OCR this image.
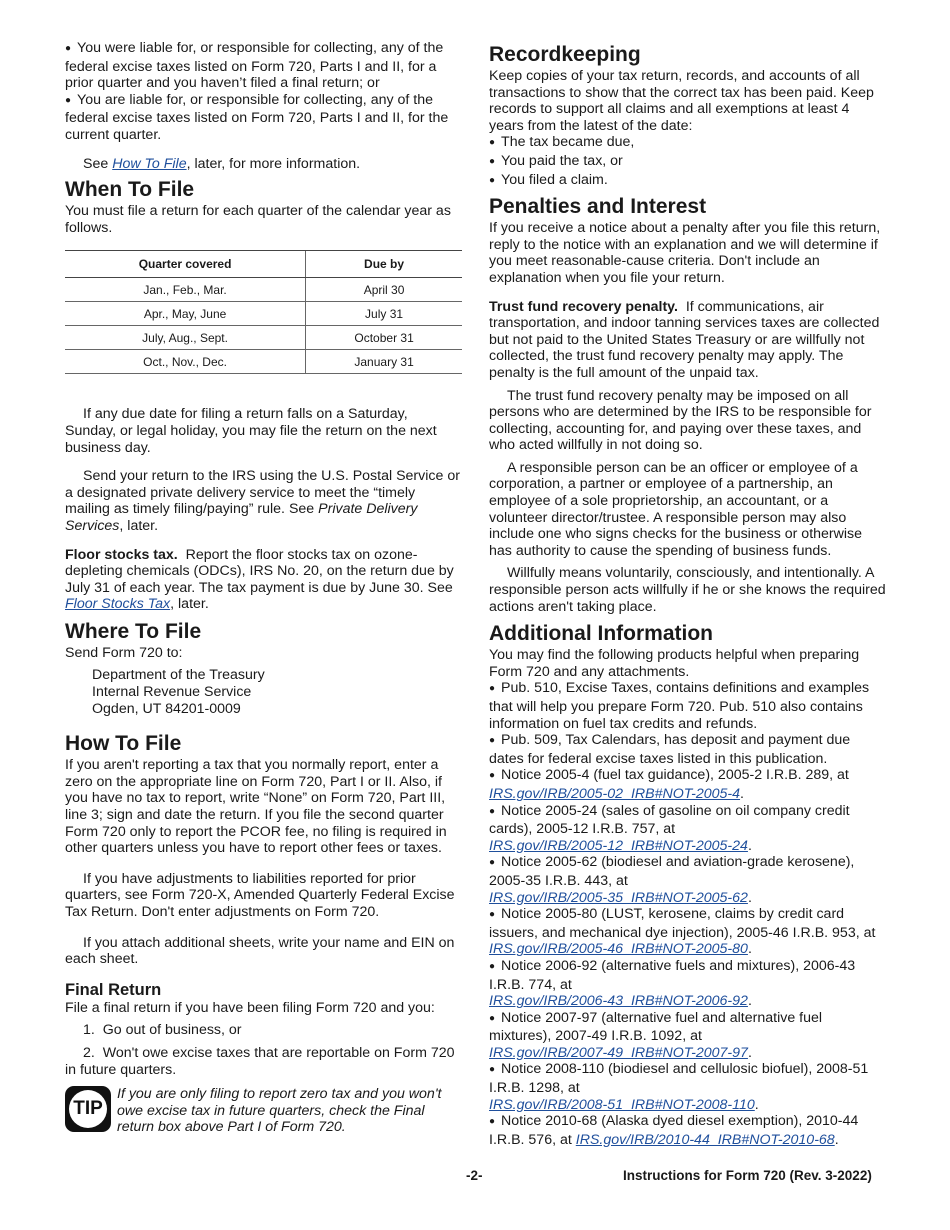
● You were liable for, or responsible for collecting, any of the federal excise taxes listed on Form 720, Parts I and II, for a prior quarter and you haven’t filed a final return; or

● You are liable for, or responsible for collecting, any of the federal excise taxes listed on Form 720, Parts I and II, for the current quarter.

See How To File, later, for more information.

When To File

You must file a return for each quarter of the calendar year as follows.

Quarter covered	Due by
Jan., Feb., Mar.	April 30
Apr., May, June	July 31
July, Aug., Sept.	October 31
Oct., Nov., Dec.	January 31

If any due date for filing a return falls on a Saturday, Sunday, or legal holiday, you may file the return on the next business day.

Send your return to the IRS using the U.S. Postal Service or a designated private delivery service to meet the “timely mailing as timely filing/paying” rule. See Private Delivery Services, later.

Floor stocks tax. Report the floor stocks tax on ozone-depleting chemicals (ODCs), IRS No. 20, on the return due by July 31 of each year. The tax payment is due by June 30. See Floor Stocks Tax, later.

Where To File

Send Form 720 to:

Department of the Treasury

Internal Revenue Service

Ogden, UT 84201-0009

How To File

If you aren't reporting a tax that you normally report, enter a zero on the appropriate line on Form 720, Part I or II. Also, if you have no tax to report, write “None” on Form 720, Part III, line 3; sign and date the return. If you file the second quarter Form 720 only to report the PCOR fee, no filing is required in other quarters unless you have to report other fees or taxes.

If you have adjustments to liabilities reported for prior quarters, see Form 720-X, Amended Quarterly Federal Excise Tax Return. Don't enter adjustments on Form 720.

If you attach additional sheets, write your name and EIN on each sheet.

Final Return

File a final return if you have been filing Form 720 and you:

1.  Go out of business, or

2.  Won't owe excise taxes that are reportable on Form 720 in future quarters.

TIP

If you are only filing to report zero tax and you won't owe excise tax in future quarters, check the Final return box above Part I of Form 720.

Recordkeeping

Keep copies of your tax return, records, and accounts of all transactions to show that the correct tax has been paid. Keep records to support all claims and all exemptions at least 4 years from the latest of the date:

● The tax became due,

● You paid the tax, or

● You filed a claim.

Penalties and Interest

If you receive a notice about a penalty after you file this return, reply to the notice with an explanation and we will determine if you meet reasonable-cause criteria. Don't include an explanation when you file your return.

Trust fund recovery penalty. If communications, air transportation, and indoor tanning services taxes are collected but not paid to the United States Treasury or are willfully not collected, the trust fund recovery penalty may apply. The penalty is the full amount of the unpaid tax.

The trust fund recovery penalty may be imposed on all persons who are determined by the IRS to be responsible for collecting, accounting for, and paying over these taxes, and who acted willfully in not doing so.

A responsible person can be an officer or employee of a corporation, a partner or employee of a partnership, an employee of a sole proprietorship, an accountant, or a volunteer director/trustee. A responsible person may also include one who signs checks for the business or otherwise has authority to cause the spending of business funds.

Willfully means voluntarily, consciously, and intentionally. A responsible person acts willfully if he or she knows the required actions aren't taking place.

Additional Information

You may find the following products helpful when preparing Form 720 and any attachments.

● Pub. 510, Excise Taxes, contains definitions and examples that will help you prepare Form 720. Pub. 510 also contains information on fuel tax credits and refunds.

● Pub. 509, Tax Calendars, has deposit and payment due dates for federal excise taxes listed in this publication.

● Notice 2005-4 (fuel tax guidance), 2005-2 I.R.B. 289, at
IRS.gov/IRB/2005-02_IRB#NOT-2005-4.

● Notice 2005-24 (sales of gasoline on oil company credit cards), 2005-12 I.R.B. 757, at
IRS.gov/IRB/2005-12_IRB#NOT-2005-24.

● Notice 2005-62 (biodiesel and aviation-grade kerosene), 2005-35 I.R.B. 443, at
IRS.gov/IRB/2005-35_IRB#NOT-2005-62.

● Notice 2005-80 (LUST, kerosene, claims by credit card issuers, and mechanical dye injection), 2005-46 I.R.B. 953, at IRS.gov/IRB/2005-46_IRB#NOT-2005-80.

● Notice 2006-92 (alternative fuels and mixtures), 2006-43 I.R.B. 774, at
IRS.gov/IRB/2006-43_IRB#NOT-2006-92.

● Notice 2007-97 (alternative fuel and alternative fuel mixtures), 2007-49 I.R.B. 1092, at
IRS.gov/IRB/2007-49_IRB#NOT-2007-97.

● Notice 2008-110 (biodiesel and cellulosic biofuel), 2008-51 I.R.B. 1298, at
IRS.gov/IRB/2008-51_IRB#NOT-2008-110.

● Notice 2010-68 (Alaska dyed diesel exemption), 2010-44 I.R.B. 576, at IRS.gov/IRB/2010-44_IRB#NOT-2010-68.

-2-	Instructions for Form 720 (Rev. 3-2022)
